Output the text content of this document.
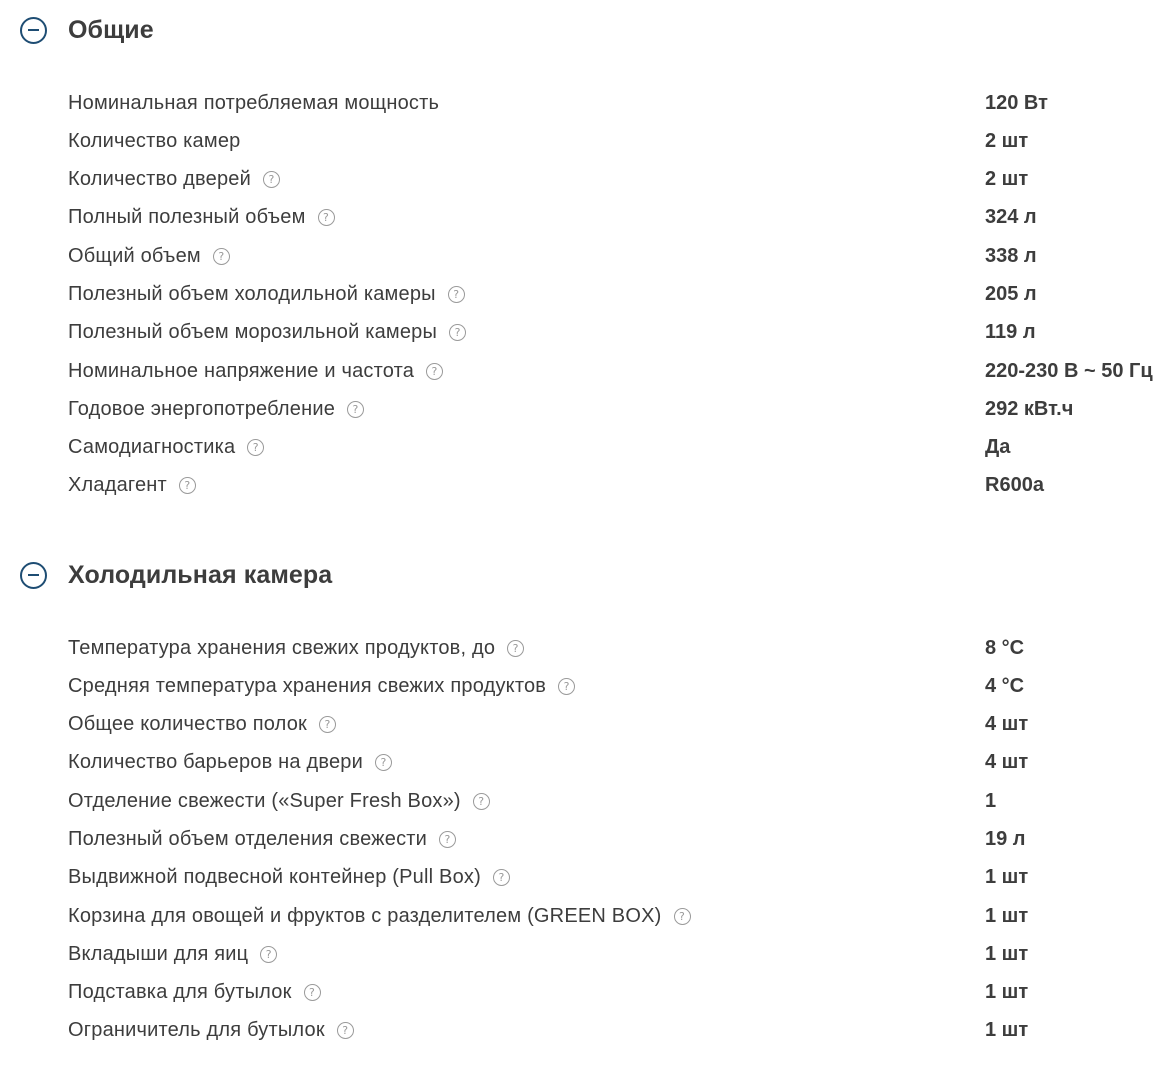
Общие
Номинальная потребляемая мощность	120 Вт
Количество камер	2 шт
Количество дверей	?	2 шт
Полный полезный объем	?	324 л
Общий объем	?	338 л
Полезный объем холодильной камеры	?	205 л
Полезный объем морозильной камеры	?	119 л
Номинальное напряжение и частота	?	220-230 В ~ 50 Гц
Годовое энергопотребление	?	292 кВт.ч
Самодиагностика	?	Да
Хладагент	?	R600a
Холодильная камера
Температура хранения свежих продуктов, до	?	8 °C
Средняя температура хранения свежих продуктов	?	4 °C
Общее количество полок	?	4 шт
Количество барьеров на двери	?	4 шт
Отделение свежести («Super Fresh Box»)	?	1
Полезный объем отделения свежести	?	19 л
Выдвижной подвесной контейнер (Pull Box)	?	1 шт
Корзина для овощей и фруктов с разделителем (GREEN BOX)	?	1 шт
Вкладыши для яиц	?	1 шт
Подставка для бутылок	?	1 шт
Ограничитель для бутылок	?	1 шт
